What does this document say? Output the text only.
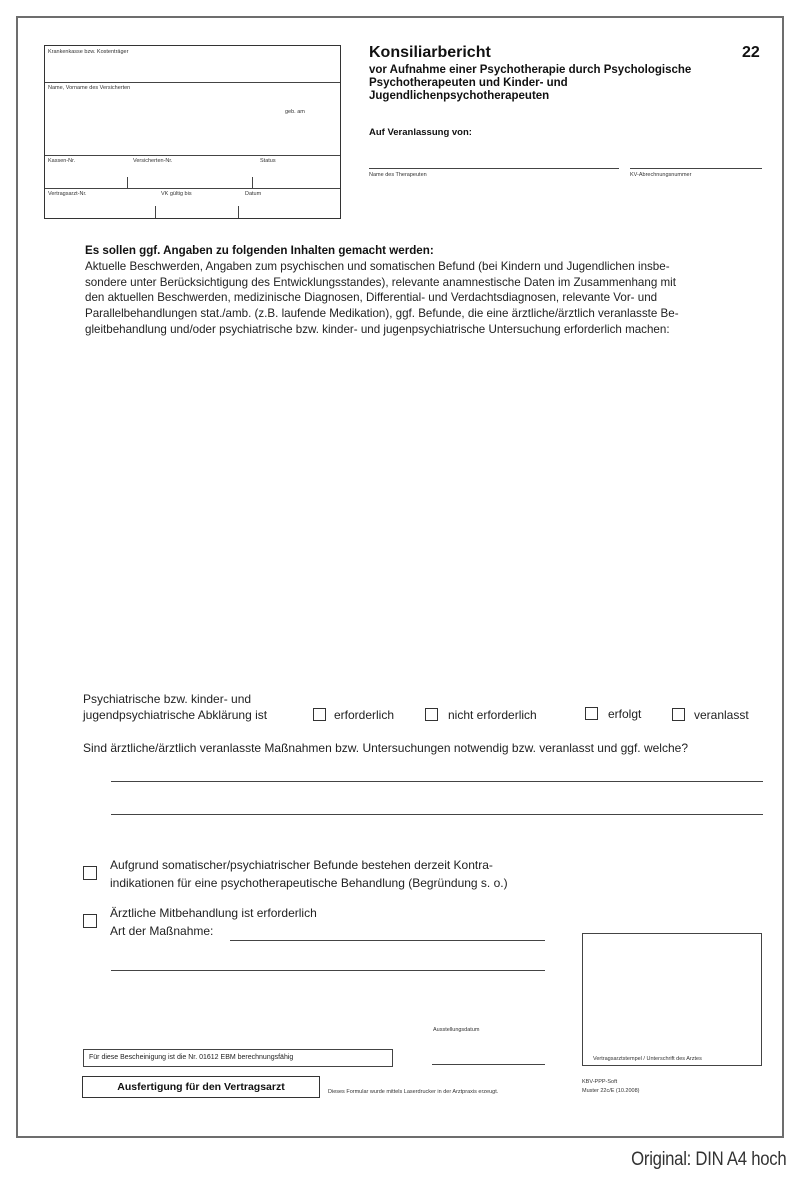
Krankenkasse bzw. Kostenträger
Name, Vorname des Versicherten
geb. am
Kassen-Nr.	Versicherten-Nr.	Status
Vertragsarzt-Nr.	VK gültig bis	Datum
Konsiliarbericht	22
vor Aufnahme einer Psychotherapie durch Psychologische
Psychotherapeuten und Kinder- und
Jugendlichenpsychotherapeuten
Auf Veranlassung von:
Name des Therapeuten	KV-Abrechnungsnummer
Es sollen ggf. Angaben zu folgenden Inhalten gemacht werden:
Aktuelle Beschwerden, Angaben zum psychischen und somatischen Befund (bei Kindern und Jugendlichen insbe-
sondere unter Berücksichtigung des Entwicklungsstandes), relevante anamnestische Daten im Zusammenhang mit
den aktuellen Beschwerden, medizinische Diagnosen, Differential- und Verdachtsdiagnosen, relevante Vor- und
Parallelbehandlungen stat./amb. (z.B. laufende Medikation), ggf. Befunde, die eine ärztliche/ärztlich veranlasste Be-
gleitbehandlung und/oder psychiatrische bzw. kinder- und jugenpsychiatrische Untersuchung erforderlich machen:
Psychiatrische bzw. kinder- und
jugendpsychiatrische Abklärung ist	erforderlich	nicht erforderlich	erfolgt	veranlasst
Sind ärztliche/ärztlich veranlasste Maßnahmen bzw. Untersuchungen notwendig bzw. veranlasst und ggf. welche?
Aufgrund somatischer/psychiatrischer Befunde bestehen derzeit Kontra-
indikationen für eine psychotherapeutische Behandlung (Begründung s. o.)
Ärztliche Mitbehandlung ist erforderlich
Art der Maßnahme:
Vertragsarztstempel / Unterschrift des Arztes
Ausstellungsdatum
Für diese Bescheinigung ist die Nr. 01612 EBM berechnungsfähig
Ausfertigung für den Vertragsarzt	Dieses Formular wurde mittels Laserdrucker in der Arztpraxis erzeugt.
KBV-PPP-Soft
Muster 22c/E (10.2008)
Original: DIN A4 hoch
